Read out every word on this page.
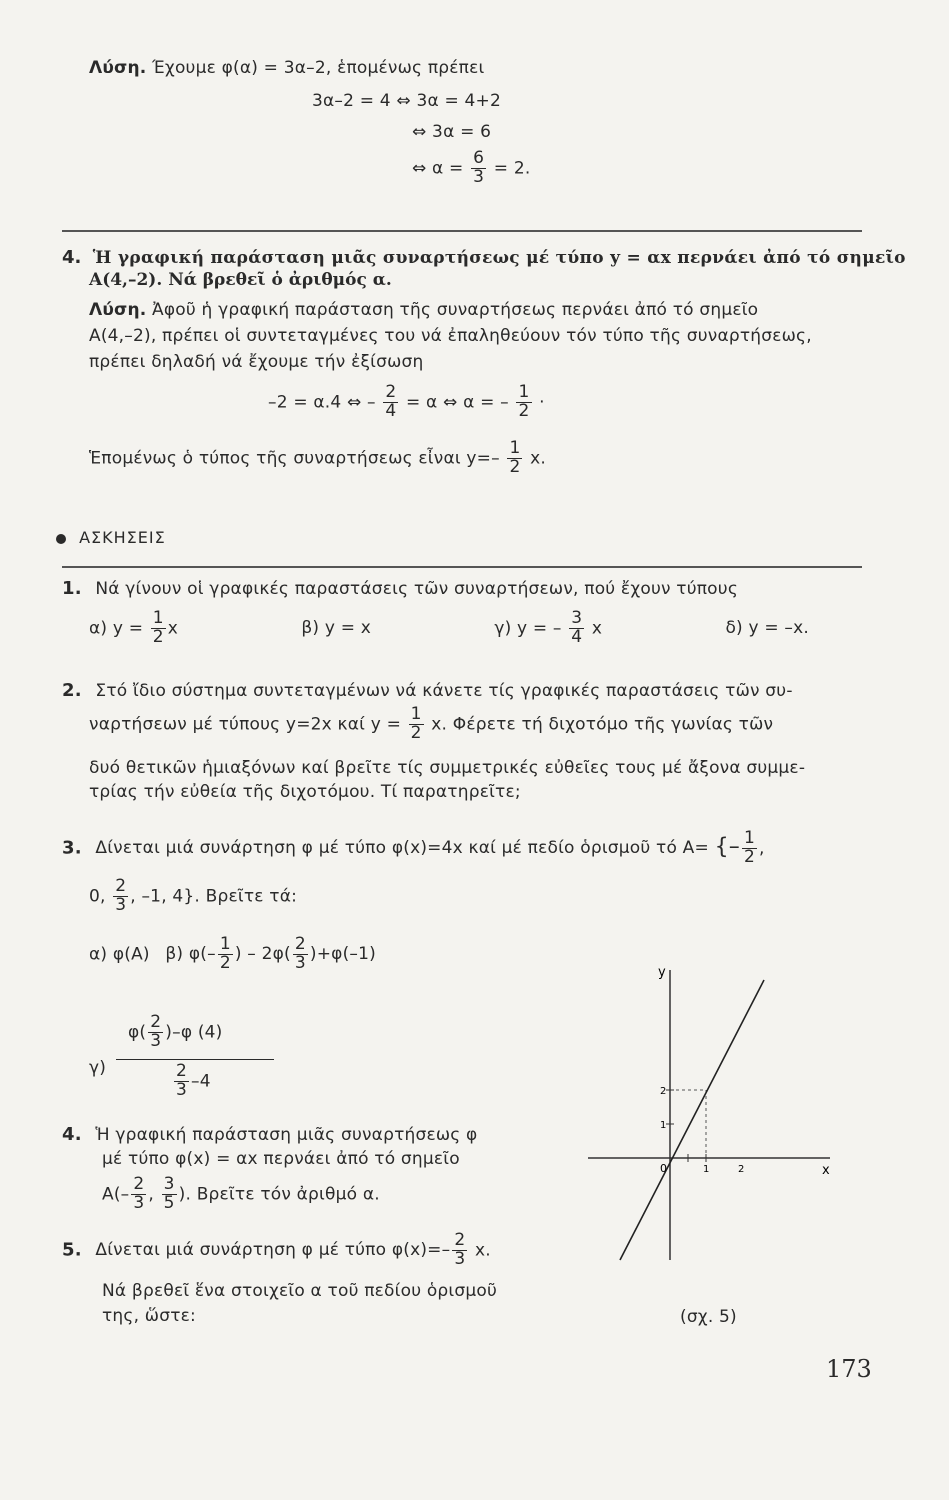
Λύση. Έχουμε φ(α) = 3α–2, ἑπομένως πρέπει
3α–2 = 4 ⇔ 3α = 4+2
⇔ 3α = 6
⇔ $\alpha = \frac{6}{3} = 2$.
4. Ἡ γραφική παράσταση μιᾶς συναρτήσεως μέ τύπο y = αx περνάει ἀπό τό σημεῖο
A(4,–2). Νά βρεθεῖ ὁ ἀριθμός α.
Λύση. Ἀφοῦ ἡ γραφική παράσταση τῆς συναρτήσεως περνάει ἀπό τό σημεῖο
A(4,–2), πρέπει οἱ συντεταγμένες του νά ἐπαληθεύουν τόν τύπο τῆς συναρτήσεως,
πρέπει δηλαδή νά ἔχουμε τήν ἐξίσωση
–2 = α.4 ⇔ – $\frac{2}{4} = \alpha$ ⇔ α = – $\frac{1}{2}$ ·
Ἑπομένως ὁ τύπος τῆς συναρτήσεως εἶναι $y=- \frac{1}{2} x$.
ΑΣΚΗΣΕΙΣ
1. Νά γίνουν οἱ γραφικές παραστάσεις τῶν συναρτήσεων, πού ἔχουν τύπους
α) $y = \frac{1}{2}$ x	β) y = x	γ) y = – $\frac{3}{4}$ x	δ) y = –x.
2. Στό ἴδιο σύστημα συντεταγμένων νά κάνετε τίς γραφικές παραστάσεις τῶν συ-
ναρτήσεων μέ τύπους y=2x καί $y = \frac{1}{2} x$. Φέρετε τή διχοτόμο τῆς γωνίας τῶν
δυό θετικῶν ἡμιαξόνων καί βρεῖτε τίς συμμετρικές εὐθεῖες τους μέ ἄξονα συμμε-
τρίας τήν εὐθεία τῆς διχοτόμου. Τί παρατηρεῖτε;
3. Δίνεται μιά συνάρτηση φ μέ τύπο φ(x)=4x καί μέ πεδίο ὁρισμοῦ τό A= {– $\frac{1}{2}$ ,
0, $\frac{2}{3}$ , –1, 4}. Βρεῖτε τά:
α) φ(A) β) $\varphi(- \frac{1}{2}$ ) – $2\varphi( \frac{2}{3} )+\varphi(-1)$
γ)
$\varphi( \frac{2}{3} )-\varphi$ (4)
$\frac{2}{3} -4$
4. Ἡ γραφική παράσταση μιᾶς συναρτήσεως φ
μέ τύπο φ(x) = αx περνάει ἀπό τό σημεῖο
$A(- \frac{2}{3}$ , $\frac{3}{5}$ ). Βρεῖτε τόν ἀριθμό α.
5. Δίνεται μιά συνάρτηση φ μέ τύπο $\varphi(x)=- \frac{2}{3} x$.
Νά βρεθεῖ ἕνα στοιχεῖο α τοῦ πεδίου ὁρισμοῦ
της, ὥστε:
y
x
0	1	2
1
2
(σχ. 5)
173
